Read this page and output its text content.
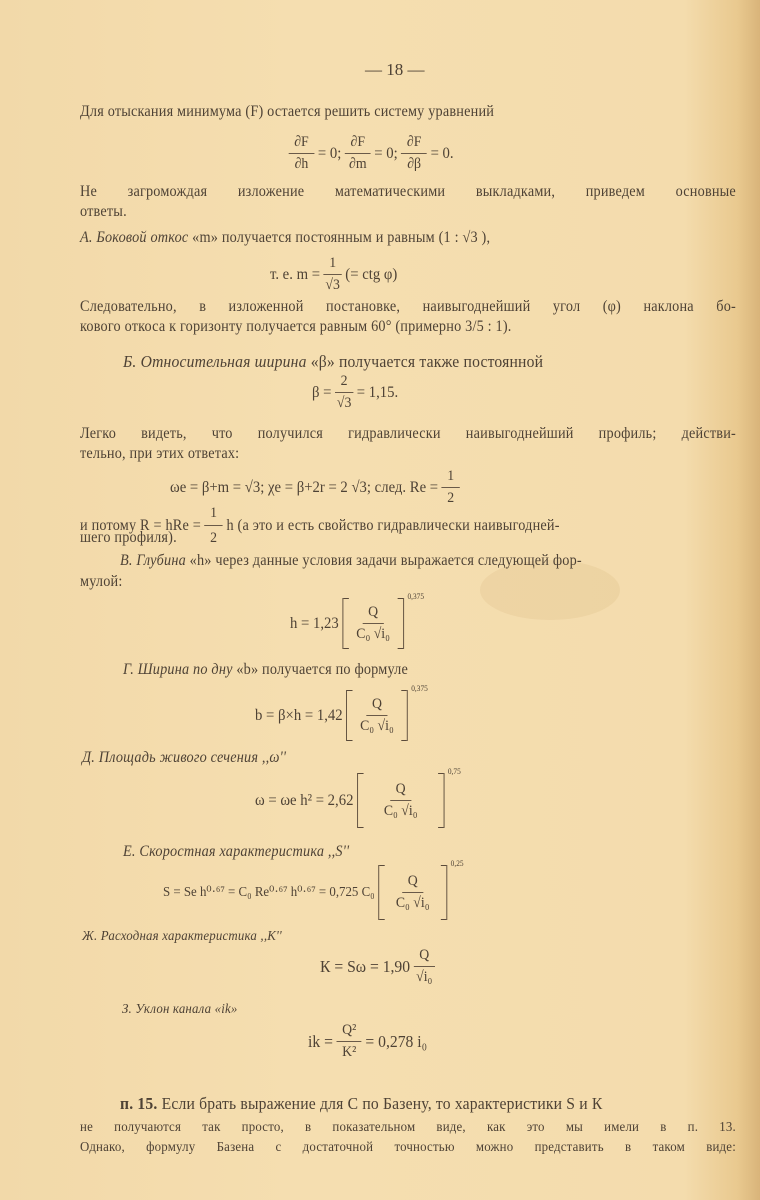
— 18 —
Для отыскания минимума (F) остается решить систему уравнений
$\frac{\partial F}{\partial h} = 0$; $\frac{\partial F}{\partial m} = 0$; $\frac{\partial F}{\partial\beta} = 0$.
Не загромождая изложение математическими выкладками, приведем основные
ответы.
А. Боковой откос «m» получается постоянным и равным (1 : √3 ),
т. е. $m = \frac{1}{√3}$ (= ctg φ)
Следовательно, в изложенной постановке, наивыгоднейший угол (φ) наклона бо-
кового откоса к горизонту получается равным 60° (примерно 3/5 : 1).
Б. Относительная ширина «β» получается также постоянной
$\beta = \frac{2}{√3} = 1,15$.
Легко видеть, что получился гидравлически наивыгоднейший профиль; действи-
тельно, при этих ответах:
ωe = β+m = √3; χe = β+2r = 2 √3; след. $Re = \frac{1}{2}$
и потому R = hRe = $\frac{1}{2}$ h (а это и есть свойство гидравлически наивыгодней-
шего профиля).
В. Глубина «h» через данные условия задачи выражается следующей фор-
мулой:
$h = 1,23 \frac{Q}{\text{C₀ √i₀}}$
0,375
Г. Ширина по дну «b» получается по формуле
$b = \beta\times h = 1,42 \frac{Q}{\text{C₀ √i₀}}$
0,375
Д. Площадь живого сечения ,,ω''
ω = ωe $h^2 = 2,62 \frac{Q}{\text{C₀ √i₀}}$
0,75
Е. Скоростная характеристика ,,S''
S = Se h⁰·⁶⁷ = C₀ Re⁰·⁶⁷ h⁰·⁶⁷ = 0,725 $C_0 \frac{Q}{\text{C₀ √i₀}}$
0,25
Ж. Расходная характеристика ,,К''
$К = S\omega = 1,90 \frac{Q}{\text{√i₀}}$
З. Уклон канала «ik»
ik = $\frac{\text{Q²}}{\text{K²}} = 0,278$ i₀
п. 15. Если брать выражение для С по Базену, то характеристики S и К
не получаются так просто, в показательном виде, как это мы имели в п. 13.
Однако, формулу Базена с достаточной точностью можно представить в таком виде:
